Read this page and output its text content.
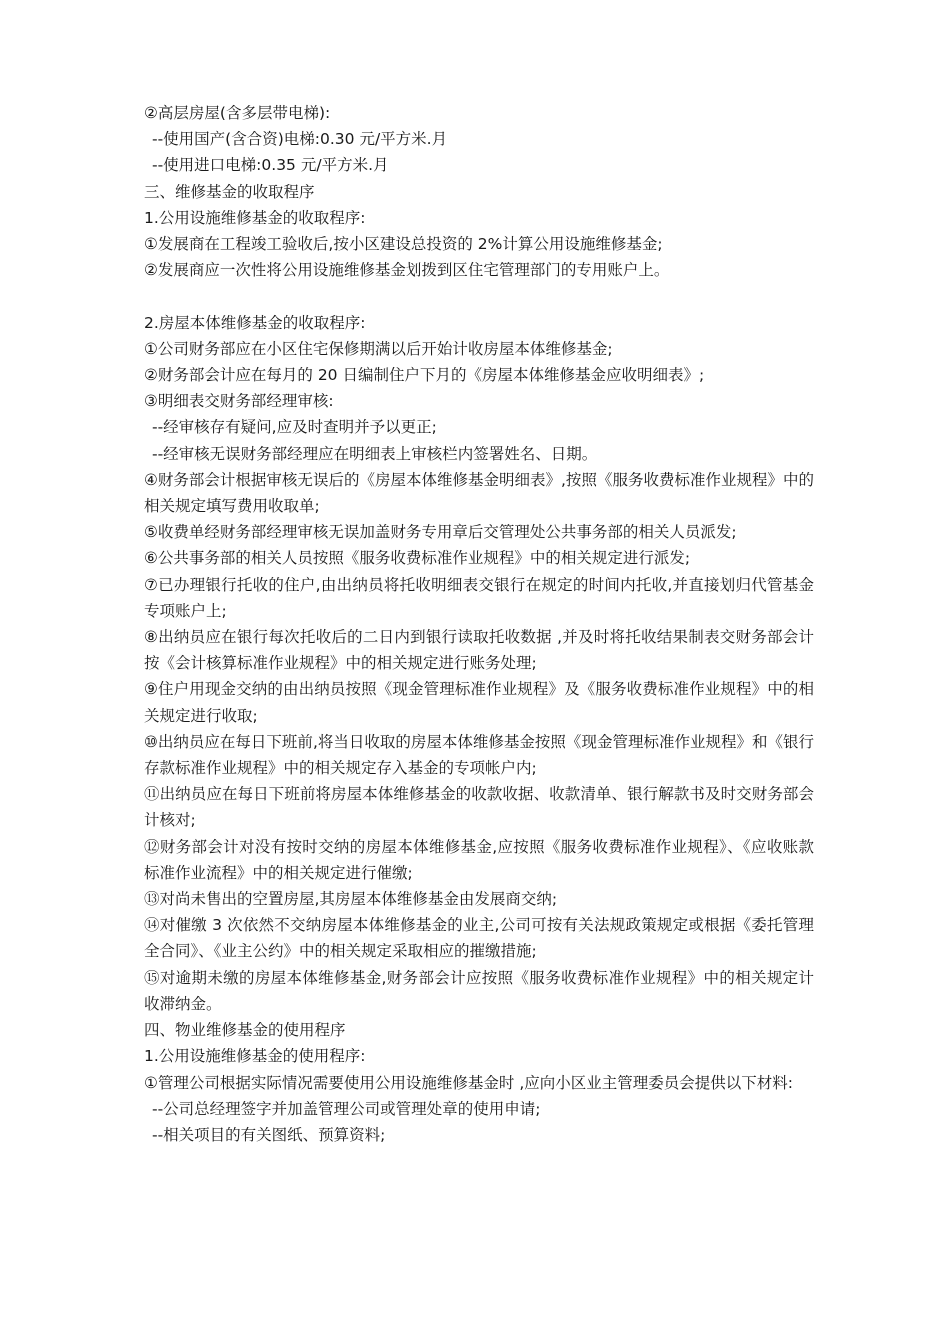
②高层房屋(含多层带电梯):

--使用国产(含合资)电梯:0.30 元/平方米.月

--使用进口电梯:0.35 元/平方米.月

三、维修基金的收取程序

1.公用设施维修基金的收取程序:

①发展商在工程竣工验收后,按小区建设总投资的 2%计算公用设施维修基金;

②发展商应一次性将公用设施维修基金划拨到区住宅管理部门的专用账户上。

2.房屋本体维修基金的收取程序:

①公司财务部应在小区住宅保修期满以后开始计收房屋本体维修基金;

②财务部会计应在每月的 20 日编制住户下月的《房屋本体维修基金应收明细表》;

③明细表交财务部经理审核:

--经审核存有疑问,应及时查明并予以更正;

--经审核无误财务部经理应在明细表上审核栏内签署姓名、日期。

④财务部会计根据审核无误后的《房屋本体维修基金明细表》,按照《服务收费标准作业规程》中的相关规定填写费用收取单;

⑤收费单经财务部经理审核无误加盖财务专用章后交管理处公共事务部的相关人员派发;

⑥公共事务部的相关人员按照《服务收费标准作业规程》中的相关规定进行派发;

⑦已办理银行托收的住户,由出纳员将托收明细表交银行在规定的时间内托收,并直接划归代管基金专项账户上;

⑧出纳员应在银行每次托收后的二日内到银行读取托收数据 ,并及时将托收结果制表交财务部会计按《会计核算标准作业规程》中的相关规定进行账务处理;

⑨住户用现金交纳的由出纳员按照《现金管理标准作业规程》及《服务收费标准作业规程》中的相关规定进行收取;

⑩出纳员应在每日下班前,将当日收取的房屋本体维修基金按照《现金管理标准作业规程》和《银行存款标准作业规程》中的相关规定存入基金的专项帐户内;

⑪出纳员应在每日下班前将房屋本体维修基金的收款收据、收款清单、银行解款书及时交财务部会计核对;

⑫财务部会计对没有按时交纳的房屋本体维修基金,应按照《服务收费标准作业规程》、《应收账款标准作业流程》中的相关规定进行催缴;

⑬对尚未售出的空置房屋,其房屋本体维修基金由发展商交纳;

⑭对催缴 3 次依然不交纳房屋本体维修基金的业主,公司可按有关法规政策规定或根据《委托管理全合同》、《业主公约》中的相关规定采取相应的摧缴措施;

⑮对逾期未缴的房屋本体维修基金,财务部会计应按照《服务收费标准作业规程》中的相关规定计收滞纳金。

四、物业维修基金的使用程序

1.公用设施维修基金的使用程序:

①管理公司根据实际情况需要使用公用设施维修基金时 ,应向小区业主管理委员会提供以下材料:

--公司总经理签字并加盖管理公司或管理处章的使用申请;

--相关项目的有关图纸、预算资料;
